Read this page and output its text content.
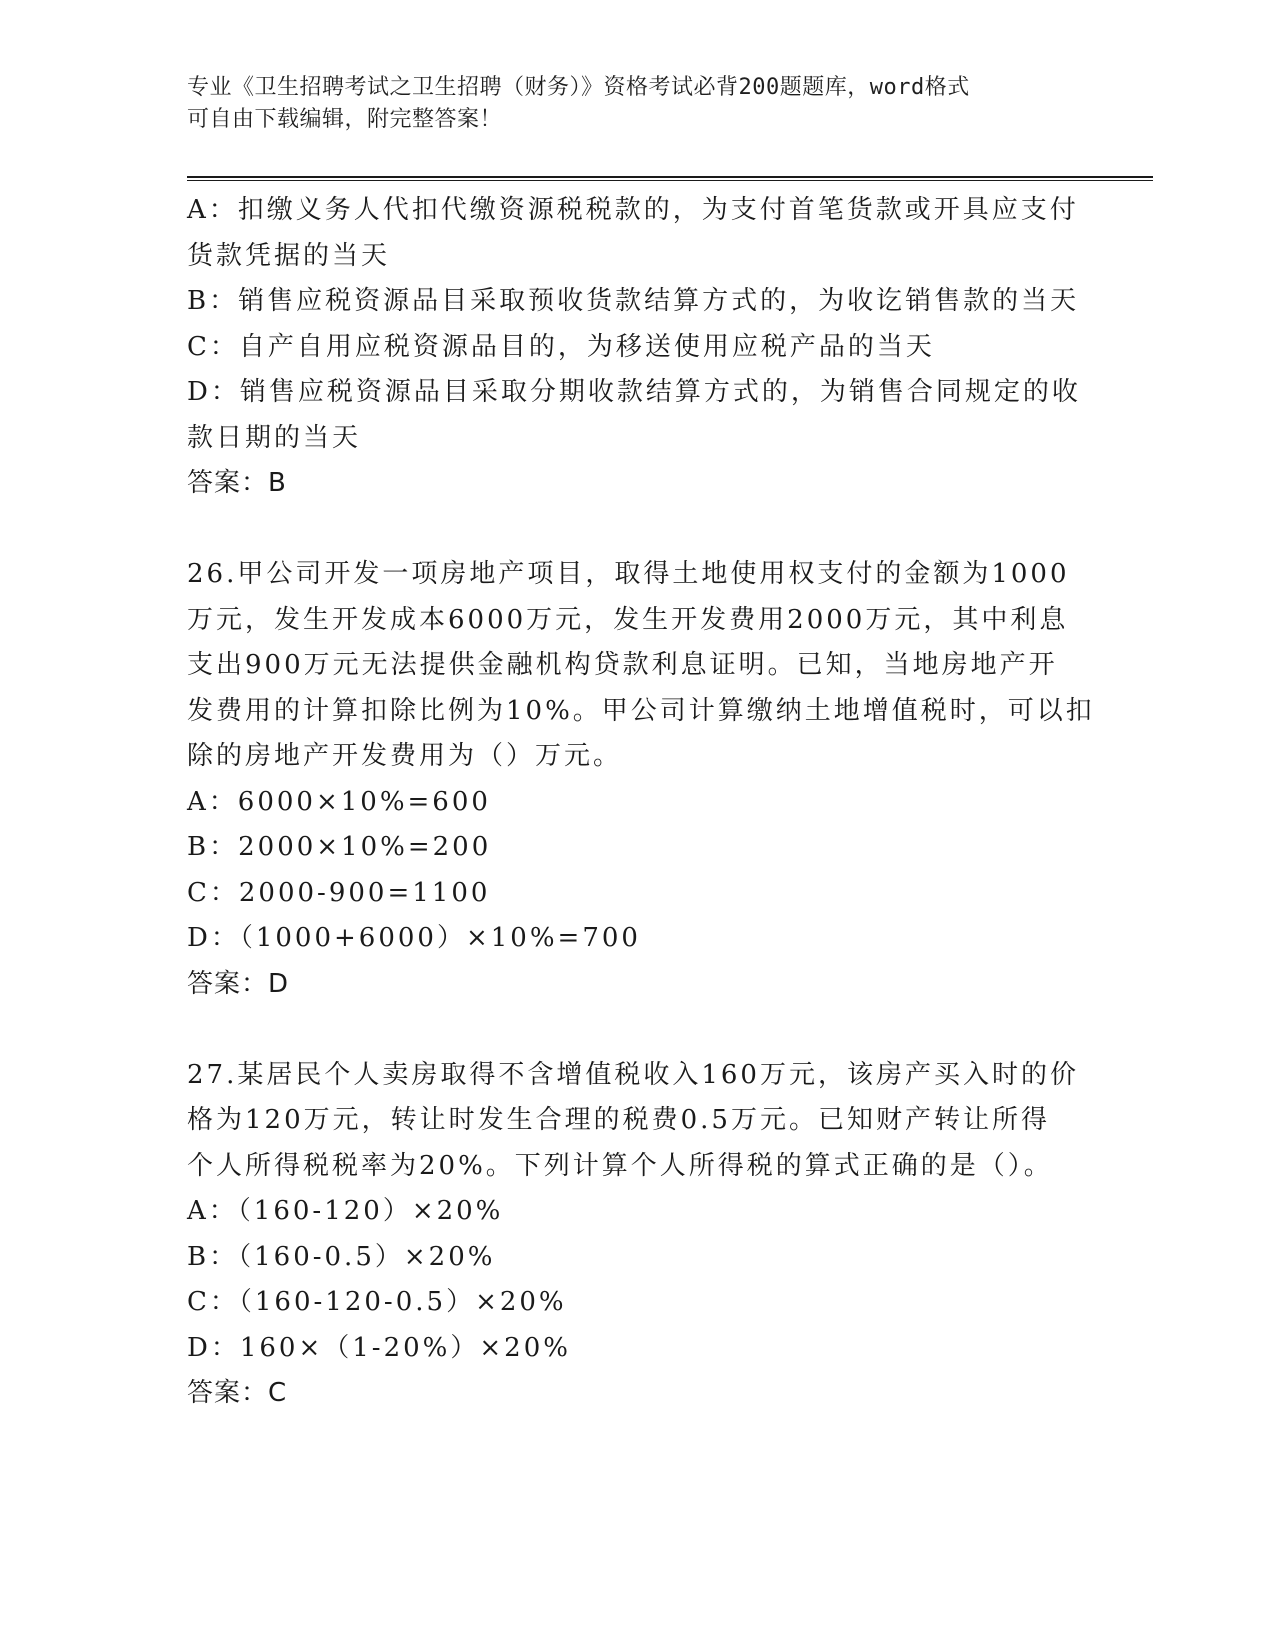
专业《卫生招聘考试之卫生招聘（财务）》资格考试必背200题题库，word格式
可自由下载编辑，附完整答案！
A：扣缴义务人代扣代缴资源税税款的，为支付首笔货款或开具应支付
货款凭据的当天
B：销售应税资源品目采取预收货款结算方式的，为收讫销售款的当天
C：自产自用应税资源品目的，为移送使用应税产品的当天
D：销售应税资源品目采取分期收款结算方式的，为销售合同规定的收
款日期的当天
答案：B
26.甲公司开发一项房地产项目，取得土地使用权支付的金额为1000
万元，发生开发成本6000万元，发生开发费用2000万元，其中利息
支出900万元无法提供金融机构贷款利息证明。已知，当地房地产开
发费用的计算扣除比例为10%。甲公司计算缴纳土地增值税时，可以扣
除的房地产开发费用为（）万元。
A：6000×10%=600
B：2000×10%=200
C：2000-900=1100
D：（1000+6000）×10%=700
答案：D
27.某居民个人卖房取得不含增值税收入160万元，该房产买入时的价
格为120万元，转让时发生合理的税费0.5万元。已知财产转让所得
个人所得税税率为20%。下列计算个人所得税的算式正确的是（）。
A：（160-120）×20%
B：（160-0.5）×20%
C：（160-120-0.5）×20%
D：160×（1-20%）×20%
答案：C
